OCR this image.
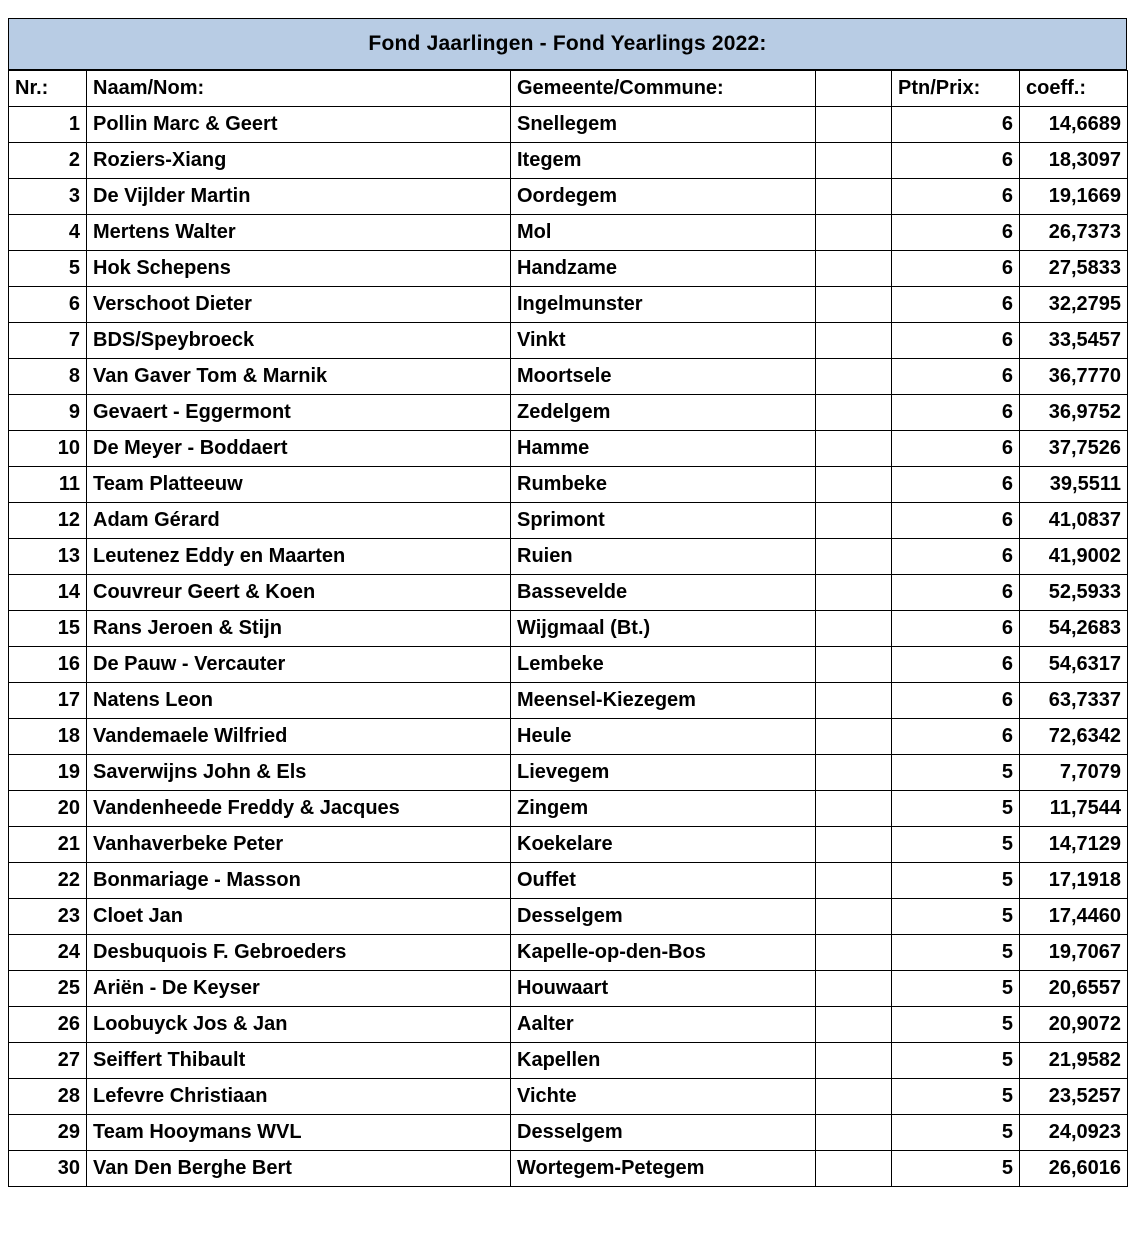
Fond Jaarlingen - Fond Yearlings 2022:
Nr.:	Naam/Nom:	Gemeente/Commune:		Ptn/Prix:	coeff.:
1	Pollin Marc & Geert	Snellegem		6	14,6689
2	Roziers-Xiang	Itegem		6	18,3097
3	De Vijlder Martin	Oordegem		6	19,1669
4	Mertens Walter	Mol		6	26,7373
5	Hok Schepens	Handzame		6	27,5833
6	Verschoot Dieter	Ingelmunster		6	32,2795
7	BDS/Speybroeck	Vinkt		6	33,5457
8	Van Gaver Tom & Marnik	Moortsele		6	36,7770
9	Gevaert - Eggermont	Zedelgem		6	36,9752
10	De Meyer - Boddaert	Hamme		6	37,7526
11	Team Platteeuw	Rumbeke		6	39,5511
12	Adam Gérard	Sprimont		6	41,0837
13	Leutenez Eddy en Maarten	Ruien		6	41,9002
14	Couvreur Geert & Koen	Bassevelde		6	52,5933
15	Rans Jeroen & Stijn	Wijgmaal (Bt.)		6	54,2683
16	De Pauw - Vercauter	Lembeke		6	54,6317
17	Natens Leon	Meensel-Kiezegem		6	63,7337
18	Vandemaele Wilfried	Heule		6	72,6342
19	Saverwijns John & Els	Lievegem		5	7,7079
20	Vandenheede Freddy & Jacques	Zingem		5	11,7544
21	Vanhaverbeke Peter	Koekelare		5	14,7129
22	Bonmariage - Masson	Ouffet		5	17,1918
23	Cloet Jan	Desselgem		5	17,4460
24	Desbuquois F. Gebroeders	Kapelle-op-den-Bos		5	19,7067
25	Ariën - De Keyser	Houwaart		5	20,6557
26	Loobuyck Jos & Jan	Aalter		5	20,9072
27	Seiffert Thibault	Kapellen		5	21,9582
28	Lefevre Christiaan	Vichte		5	23,5257
29	Team Hooymans WVL	Desselgem		5	24,0923
30	Van Den Berghe Bert	Wortegem-Petegem		5	26,6016
